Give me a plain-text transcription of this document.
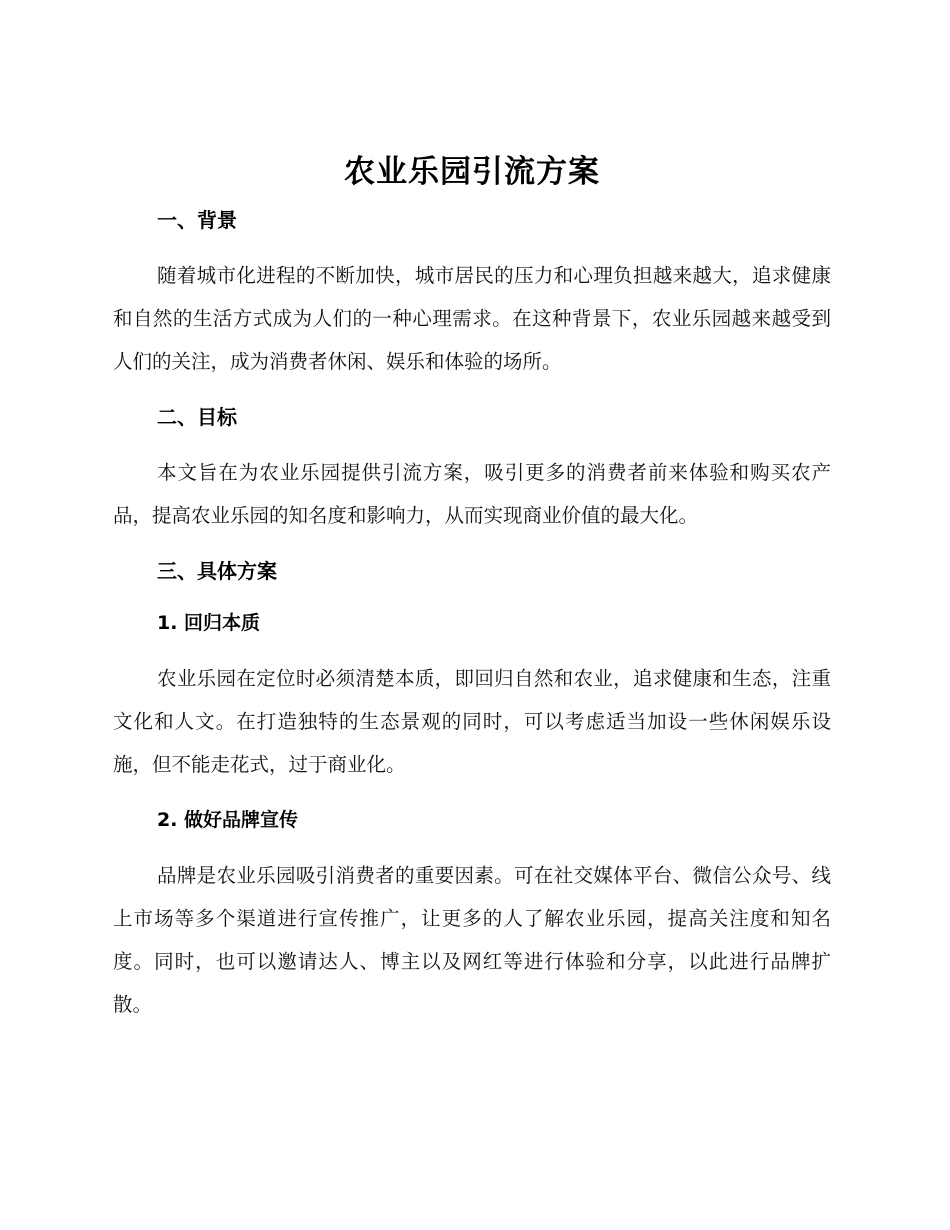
农业乐园引流方案
一、背景

随着城市化进程的不断加快，城市居民的压力和心理负担越来越大，追求健康和自然的生活方式成为人们的一种心理需求。在这种背景下，农业乐园越来越受到人们的关注，成为消费者休闲、娱乐和体验的场所。

二、目标

本文旨在为农业乐园提供引流方案，吸引更多的消费者前来体验和购买农产品，提高农业乐园的知名度和影响力，从而实现商业价值的最大化。

三、具体方案
1. 回归本质

农业乐园在定位时必须清楚本质，即回归自然和农业，追求健康和生态，注重文化和人文。在打造独特的生态景观的同时，可以考虑适当加设一些休闲娱乐设施，但不能走花式，过于商业化。

2. 做好品牌宣传

品牌是农业乐园吸引消费者的重要因素。可在社交媒体平台、微信公众号、线上市场等多个渠道进行宣传推广，让更多的人了解农业乐园，提高关注度和知名度。同时，也可以邀请达人、博主以及网红等进行体验和分享，以此进行品牌扩散。
